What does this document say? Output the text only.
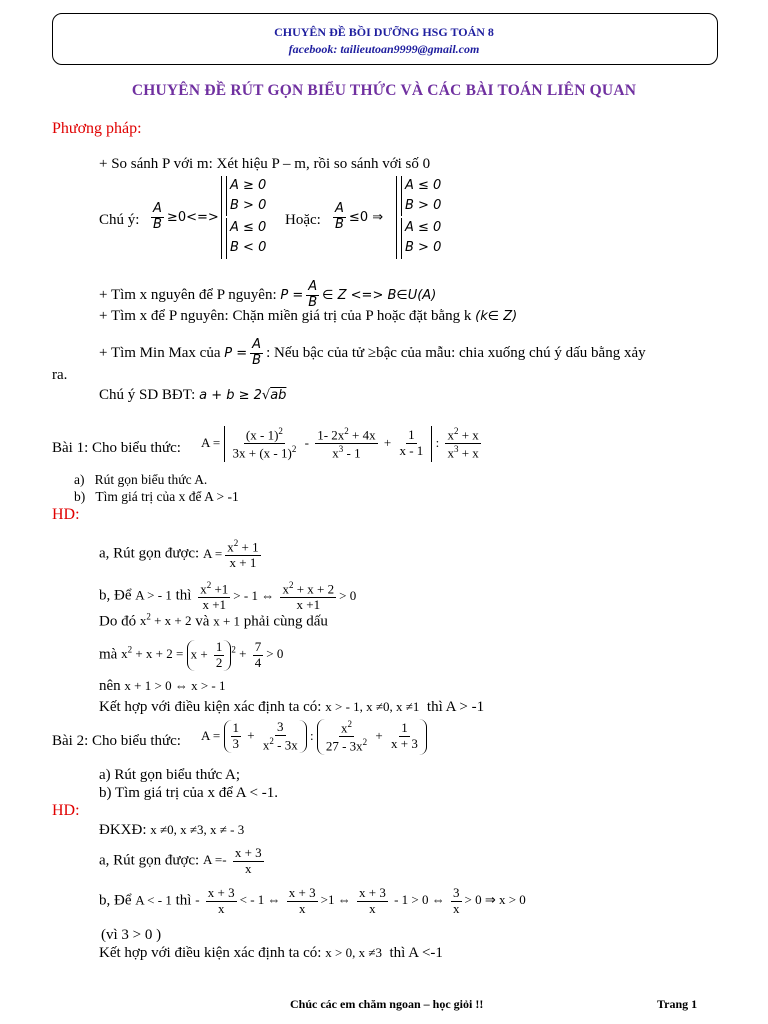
CHUYÊN ĐỀ BỒI DƯỠNG HSG TOÁN 8
facebook: tailieutoan9999@gmail.com
CHUYÊN ĐỀ RÚT GỌN BIỂU THỨC VÀ CÁC BÀI TOÁN LIÊN QUAN
Phương pháp:
+ So sánh P với m: Xét hiệu P – m, rồi so sánh với số 0
Chú ý: $\frac{A}{B} \ge 0<=>$
A ≥ 0
B > 0
A ≤ 0
B < 0
Hoặc: $\frac{A}{B} \le 0$ ⇒
A ≤ 0
B > 0
A ≤ 0
B > 0
+ Tìm x nguyên để P nguyên: $P = \frac{A}{B}$ ∈ Z <=> B∈U(A)
+ Tìm x để P nguyên: Chặn miền giá trị của P hoặc đặt bằng k (k∈ Z)
+ Tìm Min Max của $P = \frac{A}{B}$ : Nếu bậc của tử ≥bậc của mẫu: chia xuống chú ý dấu bằng xảy
ra.
Chú ý SD BĐT: a + b ≥ 2√ab
Bài 1: Cho biểu thức: $A = \frac{(x - 1)^2}{3x + (x - 1)^2} - \frac{1- 2x^2 + 4x}{x^3 - 1} + \frac{1}{x - 1}$ : $\frac{x^2 + x}{x^3 + x}$
a)   Rút gọn biểu thức A.
b)   Tìm giá trị của x để A > -1
HD:
a, Rút gọn được: $A = \frac{x^2 + 1}{x + 1}$
b, Để A > - 1 thì $\frac{x^2 +1}{x +1}$ > - 1 ⇔ $\frac{x^2 + x + 2}{x +1} > 0$
Do đó $x^2 + x + 2$ và x + 1 phải cùng dấu
mà $x^2 + x + 2 = x + \frac{1}{2} ^2 + \frac{7}{4} > 0$
nên x + 1 > 0 ⇔ x > - 1
Kết hợp với điều kiện xác định ta có: x > - 1, x ≠0, x ≠1 thì A > -1
Bài 2: Cho biểu thức: $A = \frac{1}{3} + \frac{3}{x^2 - 3x}$ : $\frac{x^2}{27 - 3x^2} + \frac{1}{x + 3}$
a) Rút gọn biểu thức A;
b) Tìm giá trị của x để A < -1.
HD:
ĐKXĐ: x ≠0, x ≠3, x ≠ - 3
a, Rút gọn được: $A =- \frac{x + 3}{x}$
b, Để A < - 1 thì - $\frac{x + 3}{x}$ < - 1 ⇔ $\frac{x + 3}{x} >1$ ⇔ $\frac{x + 3}{x} - 1 > 0$ ⇔ $\frac{3}{x} > 0$ ⇒ x > 0
(vì 3 > 0 )
Kết hợp với điều kiện xác định ta có: x > 0, x ≠3 thì A <-1
Chúc các em chăm ngoan – học giỏi !!	Trang 1
